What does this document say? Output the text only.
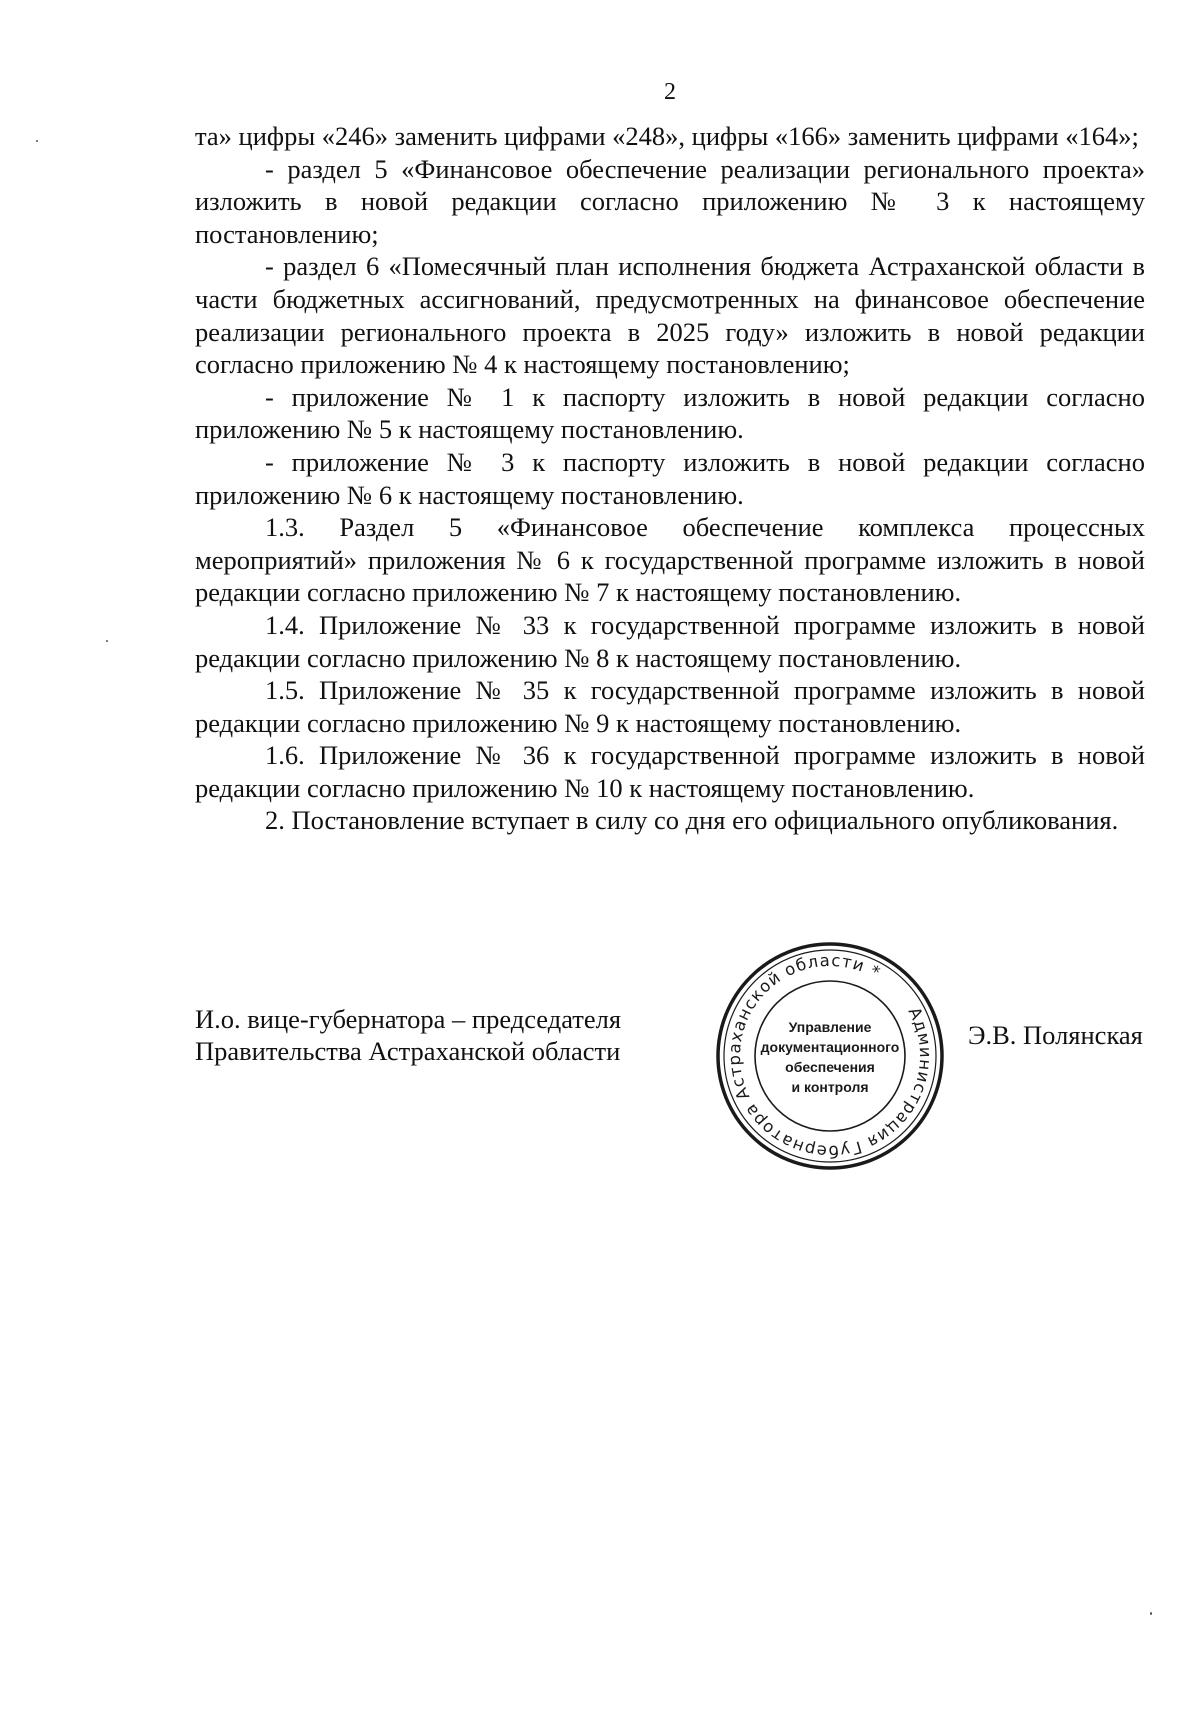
2

та» цифры «246» заменить цифрами «248», цифры «166» заменить цифрами «164»;

- раздел 5 «Финансовое обеспечение реализации регионального проекта» изложить в новой редакции согласно приложению № 3 к настоящему постановлению;

- раздел 6 «Помесячный план исполнения бюджета Астраханской области в части бюджетных ассигнований, предусмотренных на финансовое обеспечение реализации регионального проекта в 2025 году» изложить в новой редакции согласно приложению № 4 к настоящему постановлению;

- приложение № 1 к паспорту изложить в новой редакции согласно приложению № 5 к настоящему постановлению.

- приложение № 3 к паспорту изложить в новой редакции согласно приложению № 6 к настоящему постановлению.

1.3. Раздел 5 «Финансовое обеспечение комплекса процессных мероприятий» приложения № 6 к государственной программе изложить в новой редакции согласно приложению № 7 к настоящему постановлению.

1.4. Приложение № 33 к государственной программе изложить в новой редакции согласно приложению № 8 к настоящему постановлению.

1.5. Приложение № 35 к государственной программе изложить в новой редакции согласно приложению № 9 к настоящему постановлению.

1.6. Приложение № 36 к государственной программе изложить в новой редакции согласно приложению № 10 к настоящему постановлению.

2. Постановление вступает в силу со дня его официального опубликования.

И.о. вице-губернатора – председателя
Правительства Астраханской области
Администрация Губернатора Астраханской области *
Управление
документационного
обеспечения
и контроля
Э.В. Полянская
